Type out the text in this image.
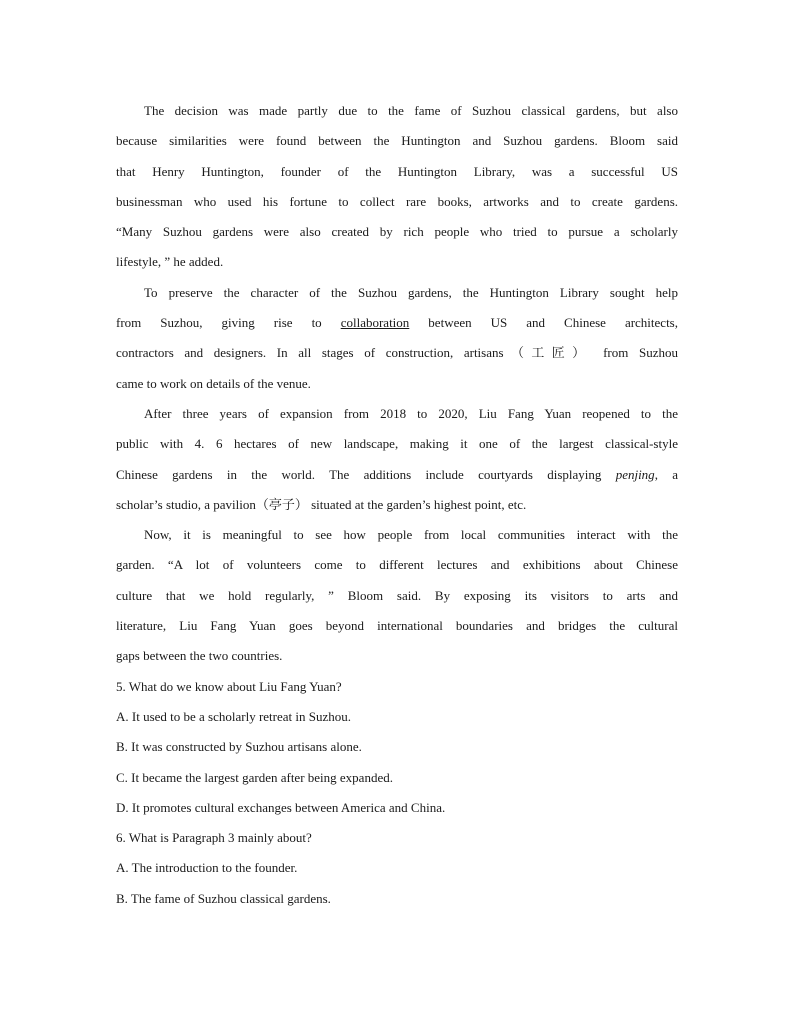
The decision was made partly due to the fame of Suzhou classical gardens, but also
because similarities were found between the Huntington and Suzhou gardens. Bloom said
that Henry Huntington, founder of the Huntington Library, was a successful US
businessman who used his fortune to collect rare books, artworks and to create gardens.
“Many Suzhou gardens were also created by rich people who tried to pursue a scholarly
lifestyle, ” he added.
To preserve the character of the Suzhou gardens, the Huntington Library sought help
from Suzhou, giving rise to collaboration between US and Chinese architects,
contractors and designers. In all stages of construction, artisans（工匠） from Suzhou
came to work on details of the venue.
After three years of expansion from 2018 to 2020, Liu Fang Yuan reopened to the
public with 4. 6 hectares of new landscape, making it one of the largest classical-style
Chinese gardens in the world. The additions include courtyards displaying penjing, a
scholar’s studio, a pavilion（亭子） situated at the garden’s highest point, etc.
Now, it is meaningful to see how people from local communities interact with the
garden. “A lot of volunteers come to different lectures and exhibitions about Chinese
culture that we hold regularly, ” Bloom said. By exposing its visitors to arts and
literature, Liu Fang Yuan goes beyond international boundaries and bridges the cultural
gaps between the two countries.
5. What do we know about Liu Fang Yuan?
A. It used to be a scholarly retreat in Suzhou.
B. It was constructed by Suzhou artisans alone.
C. It became the largest garden after being expanded.
D. It promotes cultural exchanges between America and China.
6. What is Paragraph 3 mainly about?
A. The introduction to the founder.
B. The fame of Suzhou classical gardens.
